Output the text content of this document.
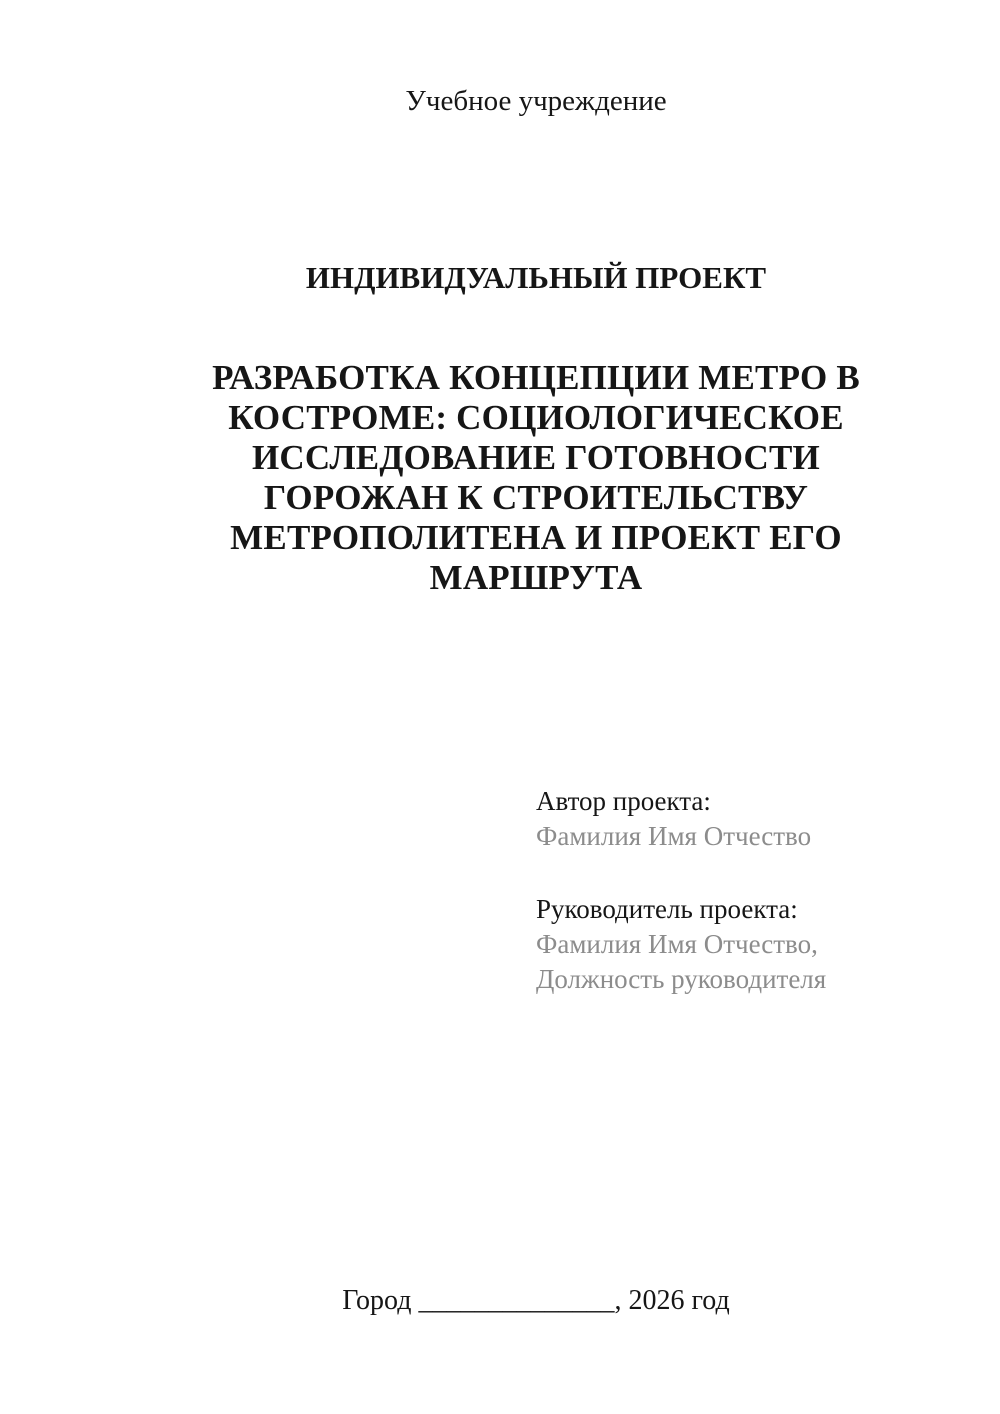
Учебное учреждение
ИНДИВИДУАЛЬНЫЙ ПРОЕКТ
РАЗРАБОТКА КОНЦЕПЦИИ МЕТРО В
КОСТРОМЕ: СОЦИОЛОГИЧЕСКОЕ
ИССЛЕДОВАНИЕ ГОТОВНОСТИ
ГОРОЖАН К СТРОИТЕЛЬСТВУ
МЕТРОПОЛИТЕНА И ПРОЕКТ ЕГО
МАРШРУТА
Автор проекта:
Фамилия Имя Отчество
Руководитель проекта:
Фамилия Имя Отчество,
Должность руководителя
Город ______________, 2026 год
